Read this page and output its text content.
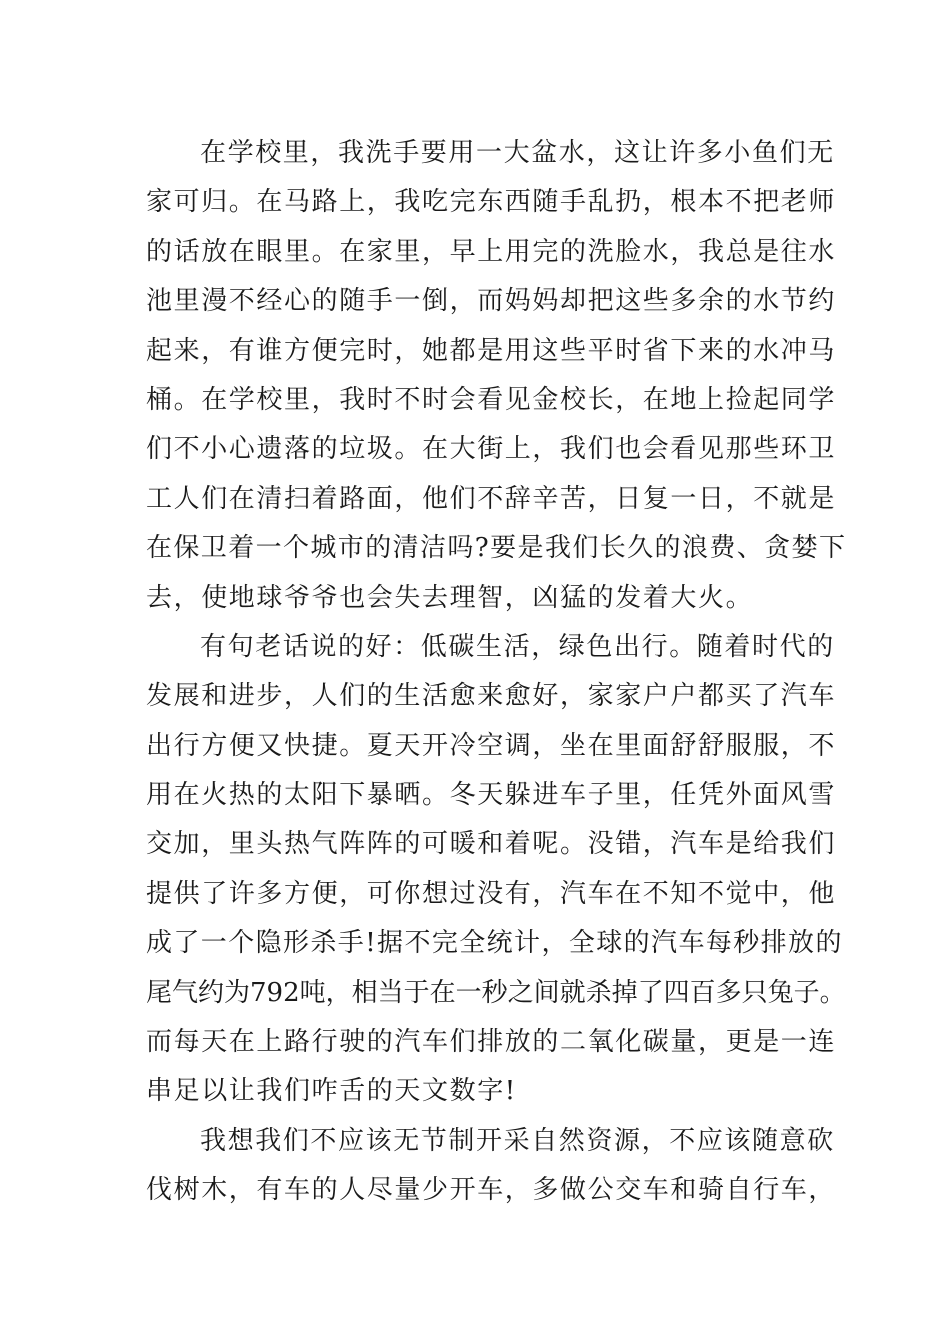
在学校里，我洗手要用一大盆水，这让许多小鱼们无
家可归。在马路上，我吃完东西随手乱扔，根本不把老师
的话放在眼里。在家里，早上用完的洗脸水，我总是往水
池里漫不经心的随手一倒，而妈妈却把这些多余的水节约
起来，有谁方便完时，她都是用这些平时省下来的水冲马
桶。在学校里，我时不时会看见金校长，在地上捡起同学
们不小心遗落的垃圾。在大街上，我们也会看见那些环卫
工人们在清扫着路面，他们不辞辛苦，日复一日，不就是
在保卫着一个城市的清洁吗?要是我们长久的浪费、贪婪下
去，使地球爷爷也会失去理智，凶猛的发着大火。
有句老话说的好：低碳生活，绿色出行。随着时代的
发展和进步，人们的生活愈来愈好，家家户户都买了汽车
出行方便又快捷。夏天开冷空调，坐在里面舒舒服服，不
用在火热的太阳下暴晒。冬天躲进车子里，任凭外面风雪
交加，里头热气阵阵的可暖和着呢。没错，汽车是给我们
提供了许多方便，可你想过没有，汽车在不知不觉中，他
成了一个隐形杀手!据不完全统计，全球的汽车每秒排放的
尾气约为792吨，相当于在一秒之间就杀掉了四百多只兔子。
而每天在上路行驶的汽车们排放的二氧化碳量，更是一连
串足以让我们咋舌的天文数字!
我想我们不应该无节制开采自然资源，不应该随意砍
伐树木，有车的人尽量少开车，多做公交车和骑自行车，
